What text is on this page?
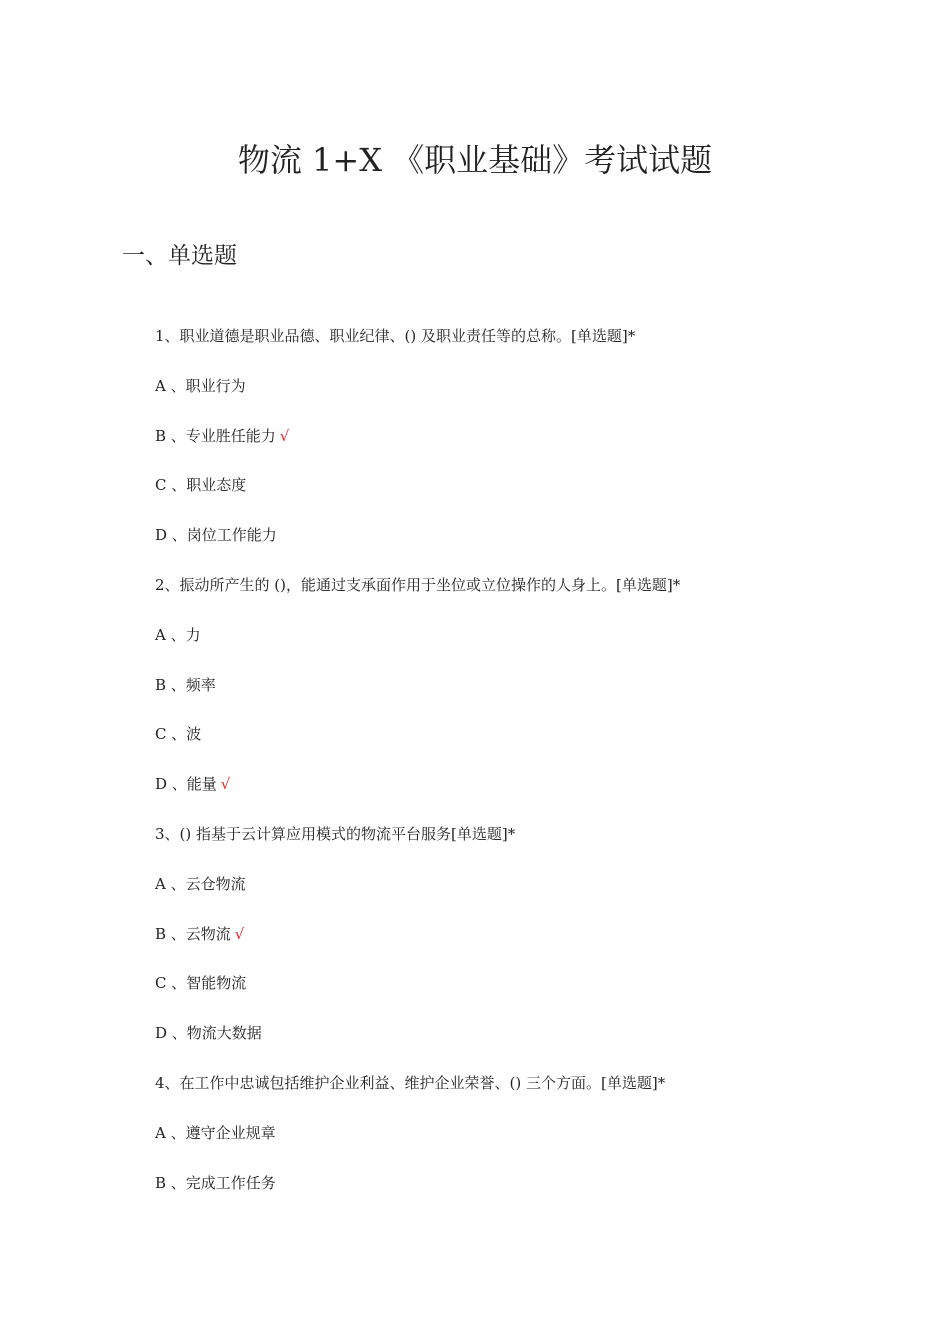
物流 1+X 《职业基础》考试试题
一、单选题
1、职业道德是职业品德、职业纪律、() 及职业责任等的总称。[单选题]*
A 、职业行为
B 、专业胜任能力 √
C 、职业态度
D 、岗位工作能力
2、振动所产生的 ()，能通过支承面作用于坐位或立位操作的人身上。[单选题]*
A 、力
B 、频率
C 、波
D 、能量 √
3、() 指基于云计算应用模式的物流平台服务[单选题]*
A 、云仓物流
B 、云物流 √
C 、智能物流
D 、物流大数据
4、在工作中忠诚包括维护企业利益、维护企业荣誉、() 三个方面。[单选题]*
A 、遵守企业规章
B 、完成工作任务
